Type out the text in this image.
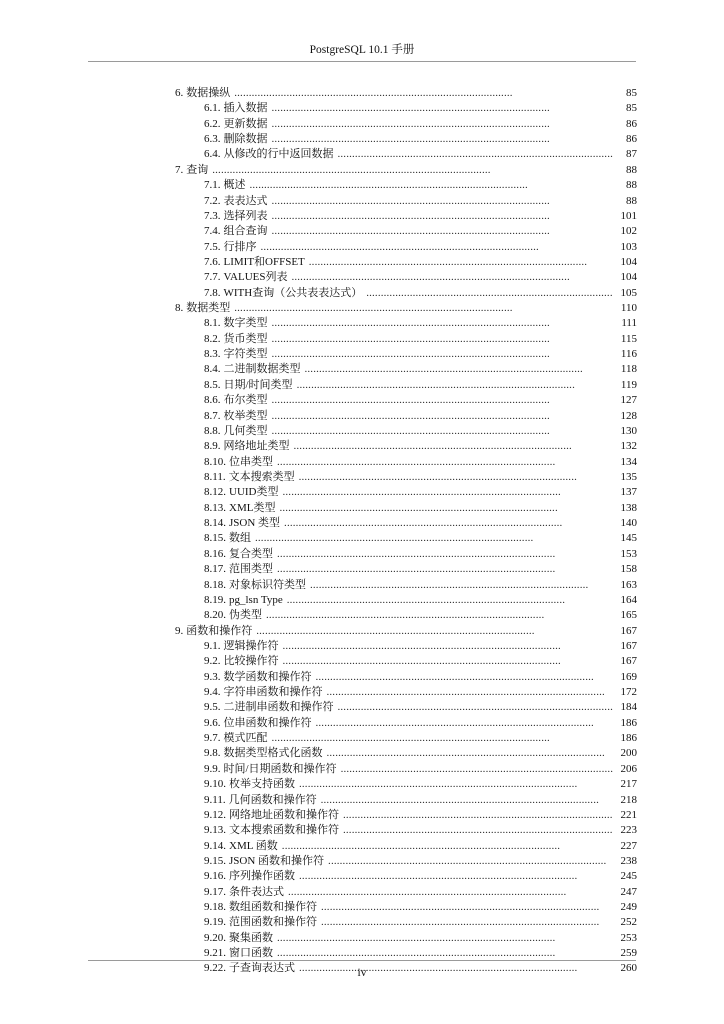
PostgreSQL 10.1 手册
6. 数据操纵 . . .	85
6.1. 插入数据 . . .	85
6.2. 更新数据 . . .	86
6.3. 删除数据 . . .	86
6.4. 从修改的行中返回数据 . . .	87
7. 查询 . . .	88
7.1. 概述 . . .	88
7.2. 表表达式 . . .	88
7.3. 选择列表 . . .	101
7.4. 组合查询 . . .	102
7.5. 行排序 . . .	103
7.6. LIMIT和OFFSET . . .	104
7.7. VALUES列表 . . .	104
7.8. WITH查询（公共表表达式） . . .	105
8. 数据类型 . . .	110
8.1. 数字类型 . . .	111
8.2. 货币类型 . . .	115
8.3. 字符类型 . . .	116
8.4. 二进制数据类型 . . .	118
8.5. 日期/时间类型 . . .	119
8.6. 布尔类型 . . .	127
8.7. 枚举类型 . . .	128
8.8. 几何类型 . . .	130
8.9. 网络地址类型 . . .	132
8.10. 位串类型 . . .	134
8.11. 文本搜索类型 . . .	135
8.12. UUID类型 . . .	137
8.13. XML类型 . . .	138
8.14. JSON 类型 . . .	140
8.15. 数组 . . .	145
8.16. 复合类型 . . .	153
8.17. 范围类型 . . .	158
8.18. 对象标识符类型 . . .	163
8.19. pg_lsn Type . . .	164
8.20. 伪类型 . . .	165
9. 函数和操作符 . . .	167
9.1. 逻辑操作符 . . .	167
9.2. 比较操作符 . . .	167
9.3. 数学函数和操作符 . . .	169
9.4. 字符串函数和操作符 . . .	172
9.5. 二进制串函数和操作符 . . .	184
9.6. 位串函数和操作符 . . .	186
9.7. 模式匹配 . . .	186
9.8. 数据类型格式化函数 . . .	200
9.9. 时间/日期函数和操作符 . . .	206
9.10. 枚举支持函数 . . .	217
9.11. 几何函数和操作符 . . .	218
9.12. 网络地址函数和操作符 . . .	221
9.13. 文本搜索函数和操作符 . . .	223
9.14. XML 函数 . . .	227
9.15. JSON 函数和操作符 . . .	238
9.16. 序列操作函数 . . .	245
9.17. 条件表达式 . . .	247
9.18. 数组函数和操作符 . . .	249
9.19. 范围函数和操作符 . . .	252
9.20. 聚集函数 . . .	253
9.21. 窗口函数 . . .	259
9.22. 子查询表达式 . . .	260
iv
